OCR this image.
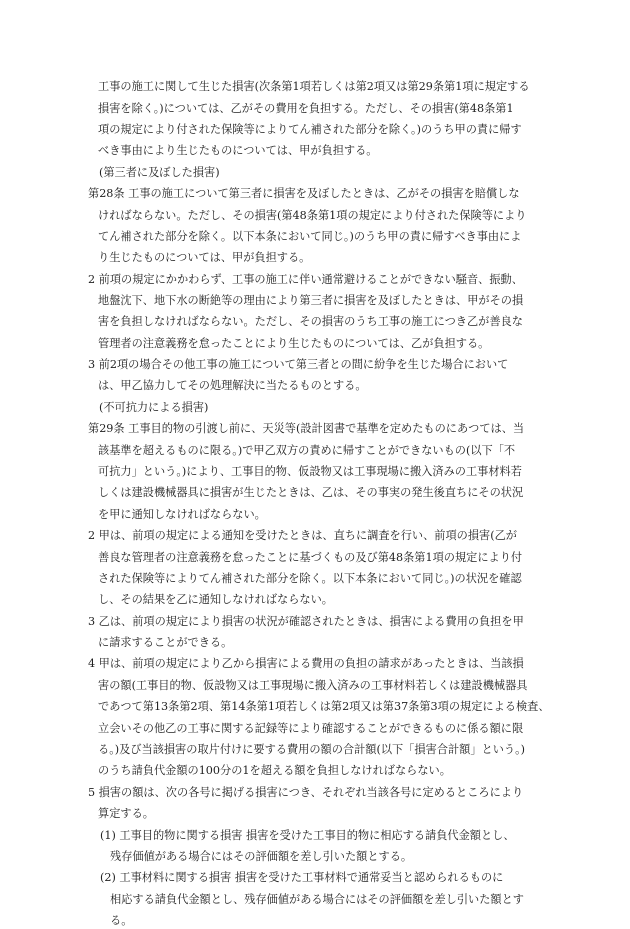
工事の施工に関して生じた損害(次条第1項若しくは第2項又は第29条第1項に規定する
損害を除く。)については、乙がその費用を負担する。ただし、その損害(第48条第1
項の規定により付された保険等によりてん補された部分を除く。)のうち甲の責に帰す
べき事由により生じたものについては、甲が負担する。
(第三者に及ぼした損害)
第28条 工事の施工について第三者に損害を及ぼしたときは、乙がその損害を賠償しな
ければならない。ただし、その損害(第48条第1項の規定により付された保険等により
てん補された部分を除く。以下本条において同じ。)のうち甲の責に帰すべき事由によ
り生じたものについては、甲が負担する。
2 前項の規定にかかわらず、工事の施工に伴い通常避けることができない騒音、振動、
地盤沈下、地下水の断絶等の理由により第三者に損害を及ぼしたときは、甲がその損
害を負担しなければならない。ただし、その損害のうち工事の施工につき乙が善良な
管理者の注意義務を怠ったことにより生じたものについては、乙が負担する。
3 前2項の場合その他工事の施工について第三者との間に紛争を生じた場合において
は、甲乙協力してその処理解決に当たるものとする。
(不可抗力による損害)
第29条 工事目的物の引渡し前に、天災等(設計図書で基準を定めたものにあつては、当
該基準を超えるものに限る。)で甲乙双方の責めに帰すことができないもの(以下「不
可抗力」という。)により、工事目的物、仮設物又は工事現場に搬入済みの工事材料若
しくは建設機械器具に損害が生じたときは、乙は、その事実の発生後直ちにその状況
を甲に通知しなければならない。
2 甲は、前項の規定による通知を受けたときは、直ちに調査を行い、前項の損害(乙が
善良な管理者の注意義務を怠ったことに基づくもの及び第48条第1項の規定により付
された保険等によりてん補された部分を除く。以下本条において同じ。)の状況を確認
し、その結果を乙に通知しなければならない。
3 乙は、前項の規定により損害の状況が確認されたときは、損害による費用の負担を甲
に請求することができる。
4 甲は、前項の規定により乙から損害による費用の負担の請求があったときは、当該損
害の額(工事目的物、仮設物又は工事現場に搬入済みの工事材料若しくは建設機械器具
であつて第13条第2項、第14条第1項若しくは第2項又は第37条第3項の規定による検査、
立会いその他乙の工事に関する記録等により確認することができるものに係る額に限
る。)及び当該損害の取片付けに要する費用の額の合計額(以下「損害合計額」という。)
のうち請負代金額の100分の1を超える額を負担しなければならない。
5 損害の額は、次の各号に掲げる損害につき、それぞれ当該各号に定めるところにより
算定する。
(1) 工事目的物に関する損害 損害を受けた工事目的物に相応する請負代金額とし、
残存価値がある場合にはその評価額を差し引いた額とする。
(2) 工事材料に関する損害 損害を受けた工事材料で通常妥当と認められるものに
相応する請負代金額とし、残存価値がある場合にはその評価額を差し引いた額とす
る。
